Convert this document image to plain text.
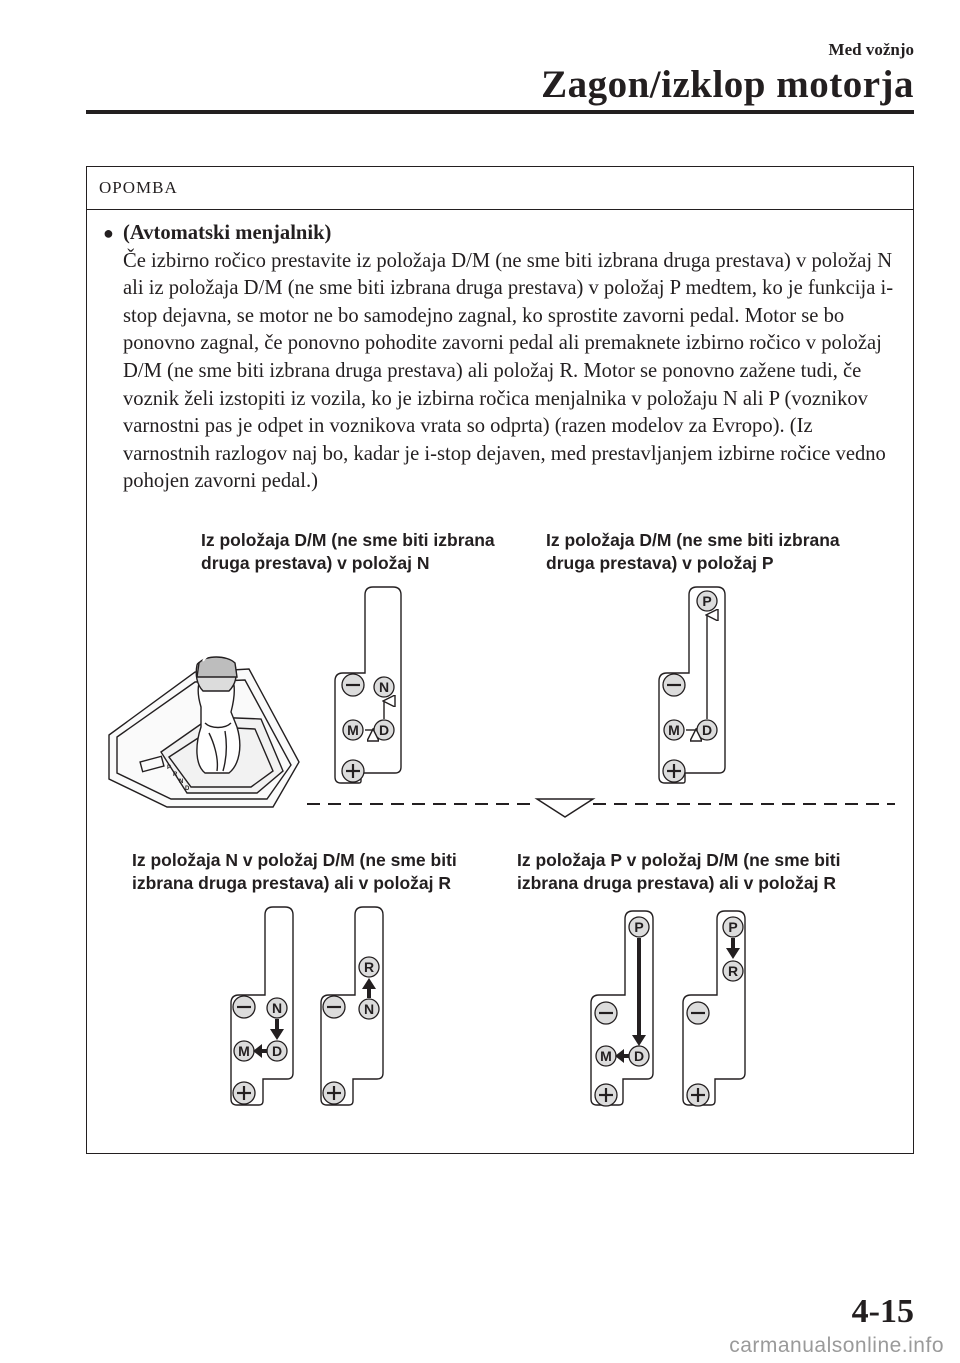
Med vožnjo
Zagon/izklop motorja
OPOMBA
● (Avtomatski menjalnik)
Če izbirno ročico prestavite iz položaja D/M (ne sme biti izbrana druga prestava) v položaj N ali iz položaja D/M (ne sme biti izbrana druga prestava) v položaj P medtem, ko je funkcija i-stop dejavna, se motor ne bo samodejno zagnal, ko sprostite zavorni pedal. Motor se bo ponovno zagnal, če ponovno pohodite zavorni pedal ali premaknete izbirno ročico v položaj D/M (ne sme biti izbrana druga prestava) ali položaj R. Motor se ponovno zažene tudi, če voznik želi izstopiti iz vozila, ko je izbirna ročica menjalnika v položaju N ali P (voznikov varnostni pas je odpet in voznikova vrata so odprta) (razen modelov za Evropo). (Iz varnostnih razlogov naj bo, kadar je i-stop dejaven, med prestavljanjem izbirne ročice vedno pohojen zavorni pedal.)
Iz položaja D/M (ne sme biti izbrana
druga prestava) v položaj N
Iz položaja D/M (ne sme biti izbrana
druga prestava) v položaj P
Iz položaja N v položaj D/M (ne sme biti
izbrana druga prestava) ali v položaj R
Iz položaja P v položaj D/M (ne sme biti
izbrana druga prestava) ali v položaj R
P
R
N
D
N
M D
P
M D
N
M D
R
N
P
M D
P
R
4-15
carmanualsonline.info
